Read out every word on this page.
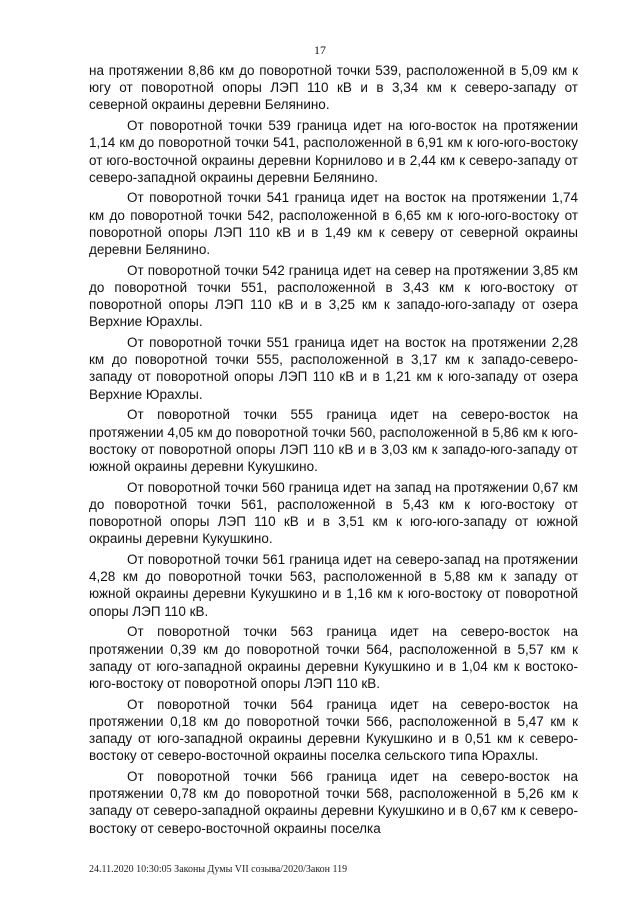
17

на протяжении 8,86 км до поворотной точки 539, расположенной в 5,09 км к югу от поворотной опоры ЛЭП 110 кВ и в 3,34 км к северо-западу от северной окраины деревни Белянино.

От поворотной точки 539 граница идет на юго-восток на протяжении 1,14 км до поворотной точки 541, расположенной в 6,91 км к юго-юго-востоку от юго-восточной окраины деревни Корнилово и в 2,44 км к северо-западу от северо-западной окраины деревни Белянино.

От поворотной точки 541 граница идет на восток на протяжении 1,74 км до поворотной точки 542, расположенной в 6,65 км к юго-юго-востоку от поворотной опоры ЛЭП 110 кВ и в 1,49 км к северу от северной окраины деревни Белянино.

От поворотной точки 542 граница идет на север на протяжении 3,85 км до поворотной точки 551, расположенной в 3,43 км к юго-востоку от поворотной опоры ЛЭП 110 кВ и в 3,25 км к западо-юго-западу от озера Верхние Юрахлы.

От поворотной точки 551 граница идет на восток на протяжении 2,28 км до поворотной точки 555, расположенной в 3,17 км к западо-северо-западу от поворотной опоры ЛЭП 110 кВ и в 1,21 км к юго-западу от озера Верхние Юрахлы.

От поворотной точки 555 граница идет на северо-восток на протяжении 4,05 км до поворотной точки 560, расположенной в 5,86 км к юго-востоку от поворотной опоры ЛЭП 110 кВ и в 3,03 км к западо-юго-западу от южной окраины деревни Кукушкино.

От поворотной точки 560 граница идет на запад на протяжении 0,67 км до поворотной точки 561, расположенной в 5,43 км к юго-востоку от поворотной опоры ЛЭП 110 кВ и в 3,51 км к юго-юго-западу от южной окраины деревни Кукушкино.

От поворотной точки 561 граница идет на северо-запад на протяжении 4,28 км до поворотной точки 563, расположенной в 5,88 км к западу от южной окраины деревни Кукушкино и в 1,16 км к юго-востоку от поворотной опоры ЛЭП 110 кВ.

От поворотной точки 563 граница идет на северо-восток на протяжении 0,39 км до поворотной точки 564, расположенной в 5,57 км к западу от юго-западной окраины деревни Кукушкино и в 1,04 км к востоко-юго-востоку от поворотной опоры ЛЭП 110 кВ.

От поворотной точки 564 граница идет на северо-восток на протяжении 0,18 км до поворотной точки 566, расположенной в 5,47 км к западу от юго-западной окраины деревни Кукушкино и в 0,51 км к северо-востоку от северо-восточной окраины поселка сельского типа Юрахлы.

От поворотной точки 566 граница идет на северо-восток на протяжении 0,78 км до поворотной точки 568, расположенной в 5,26 км к западу от северо-западной окраины деревни Кукушкино и в 0,67 км к северо-востоку от северо-восточной окраины поселка

24.11.2020 10:30:05 Законы Думы VII созыва/2020/Закон 119
